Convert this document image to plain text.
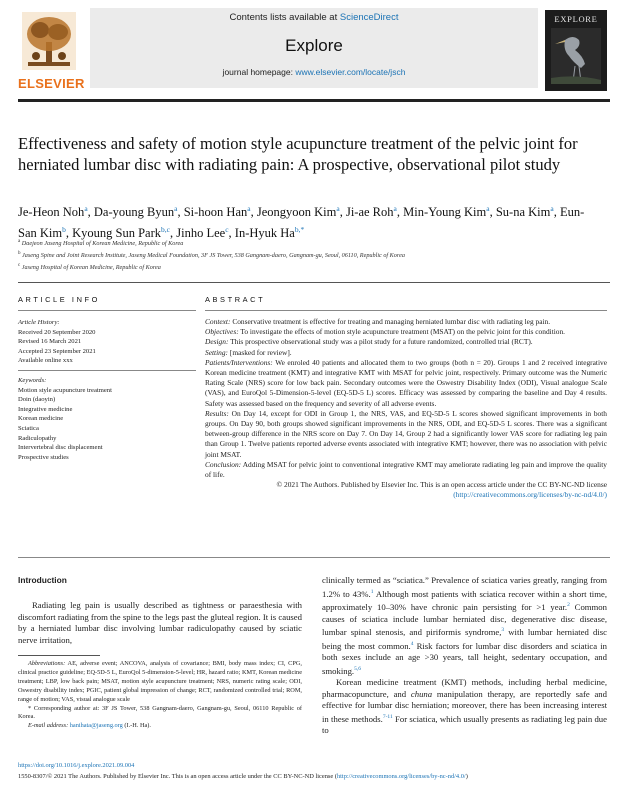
ELSEVIER
Contents lists available at ScienceDirect
Explore
journal homepage: www.elsevier.com/locate/jsch
EXPLORE
Effectiveness and safety of motion style acupuncture treatment of the pelvic joint for herniated lumbar disc with radiating pain: A prospective, observational pilot study
Je-Heon Noh$^a$, Da-young Byun$^a$, Si-hoon Han$^a$, Jeongyoon Kim$^a$, Ji-ae Roh$^a$, Min-Young Kim$^a$, Su-na Kim$^a$, Eun-San Kim$^b$, Kyoung Sun Park$^{b,c}$, Jinho Lee$^c$, In-Hyuk $Ha^{b,*}$
$^a$ Daejeon Jaseng Hospital of Korean Medicine, Republic of Korea
$^b$ Jaseng Spine and Joint Research Institute, Jaseng Medical Foundation, 3F JS Tower, 538 Gangnam-daero, Gangnam-gu, Seoul, 06110, Republic of Korea
$^c$ Jaseng Hospital of Korean Medicine, Republic of Korea
ARTICLE INFO
Article History:
Received 20 September 2020
Revised 16 March 2021
Accepted 23 September 2021
Available online xxx
Keywords:
Motion style acupuncture treatment
Doin (daoyin)
Integrative medicine
Korean medicine
Sciatica
Radiculopathy
Intervertebral disc displacement
Prospective studies
ABSTRACT

Context: Conservative treatment is effective for treating and managing herniated lumbar disc with radiating leg pain.

Objectives: To investigate the effects of motion style acupuncture treatment (MSAT) on the pelvic joint for this condition.

Design: This prospective observational study was a pilot study for a future randomized, controlled trial (RCT).

Setting: [masked for review].

Patients/Interventions: We enroled 40 patients and allocated them to two groups (both n = 20). Groups 1 and 2 received integrative Korean medicine treatment (KMT) and integrative KMT with MSAT for pelvic joint, respectively. Primary outcome was the Numeric Rating Scale (NRS) score for low back pain. Secondary outcomes were the Oswestry Disability Index (ODI), Visual analogue Scale (VAS), and EuroQol 5-Dimension-5-level (EQ-5D-5 L) scores. Efficacy was assessed by comparing the baseline and Day 4 results. Safety was assessed based on the frequency and severity of all adverse events.

Results: On Day 14, except for ODI in Group 1, the NRS, VAS, and EQ-5D-5 L scores showed significant improvements in both groups. On Day 90, both groups showed significant improvements in the NRS, ODI, and EQ-5D-5 L scores. There was a significant between-group difference in the NRS score on Day 7. On Day 14, Group 2 had a significantly lower VAS score for radiating leg pain than Group 1. Twelve patients reported adverse events associated with integrative KMT; however, there was no association with pelvic joint MSAT.

Conclusion: Adding MSAT for pelvic joint to conventional integrative KMT may ameliorate radiating leg pain and improve the quality of life.

© 2021 The Authors. Published by Elsevier Inc. This is an open access article under the CC BY-NC-ND license (http://creativecommons.org/licenses/by-nc-nd/4.0/)

Introduction

Radiating leg pain is usually described as tightness or paraesthesia with discomfort radiating from the spine to the legs past the gluteal region. It is caused by a herniated lumbar disc involving lumbar radiculopathy caused by sciatic nerve irritation,

Abbreviations: AE, adverse event; ANCOVA, analysis of covariance; BMI, body mass index; CI, CPG, clinical practice guideline; EQ-5D-5 L, EuroQol 5-dimension-5-level; HR, hazard ratio; KMT, Korean medicine treatment; LBP, low back pain; MSAT, motion style acupuncture treatment; NRS, numeric rating scale; ODI, Oswestry disability index; PGIC, patient global impression of change; RCT, randomized controlled trial; ROM, range of motion; VAS, visual analogue scale

* Corresponding author at: 3F JS Tower, 538 Gangnam-daero, Gangnam-gu, Seoul, 06110 Republic of Korea.

E-mail address: hanihata@jaseng.org (I.-H. Ha).

clinically termed as “sciatica.” Prevalence of sciatica varies greatly, ranging from 1.2% to 43%.$^1$ Although most patients with sciatica recover within a short time, approximately 10–30% have chronic pain persisting for >1 year.$^2$ Common causes of sciatica include lumbar herniated disc, degenerative disc disease, lumbar spinal stenosis, and piriformis syndrome,$^3$ with lumbar herniated disc being the most common.$^4$ Risk factors for lumbar disc disorders and sciatica in both sexes include an age >30 years, tall height, sedentary occupation, and smoking.$^{5,6}$

Korean medicine treatment (KMT) methods, including herbal medicine, pharmacopuncture, and chuna manipulation therapy, are reportedly safe and effective for lumbar disc herniation; moreover, there has been increasing interest in these methods.$^{7-11}$ For sciatica, which usually presents as radiating leg pain due to

https://doi.org/10.1016/j.explore.2021.09.004
1550-8307/© 2021 The Authors. Published by Elsevier Inc. This is an open access article under the CC BY-NC-ND license (http://creativecommons.org/licenses/by-nc-nd/4.0/)
